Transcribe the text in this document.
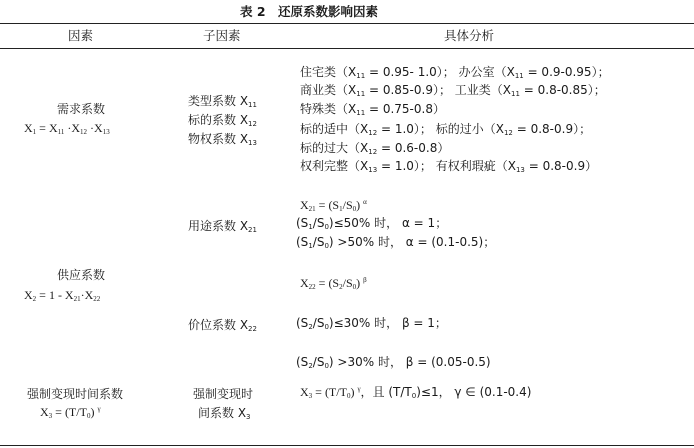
表 2　还原系数影响因素
因素	子因素	具体分析
需求系数
$X_1 = X_{11} \cdot X_{12} \cdot X_{13}$
类型系数 $X_{11}$
标的系数 $X_{12}$
物权系数 $X_{13}$
住宅类（$X_{11} = 0.95-$ 1.0）； 办公室$(X_{11} = 0.9-0.95)$；
商业类$(X_{11} = 0.85-0.9)$； 工业类$(X_{11} = 0.8-0.85)$；
特殊类$(X_{11} = 0.75-0.8)$
标的适中$(X_{12} = 1.0)$； 标的过小$(X_{12} = 0.8-0.9)$；
标的过大$(X_{12} = 0.6-0.8)$
权利完整$(X_{13} = 1.0)$； 有权利瑕疵$(X_{13} = 0.8-0.9)$
供应系数
$X_2 = 1 - X_{21}\cdot X_{22}$
用途系数 $X_{21}$
价位系数 $X_{22}$
$X_{21} = (S_1/S_0)$ $^\alpha$
$(S_1/S_0)\le 50\%$ 时， α = 1；
$(S_1/S_0) >50\%$ 时， α = (0.1-0.5)；
$X_{22} = (S_2/S_0)$ $^\beta$
$(S_2/S_0)\le 30\%$ 时， β = 1；
$(S_2/S_0) >30\%$ 时， β = (0.05-0.5)
强制变现时间系数
$X_3 = (T/T_0)$ $^\gamma$
强制变现时
间系数 $X_3$
$X_3 = (T/T_0)$ $^\gamma$，且 $(T/T_0)\le 1$， γ ∈ (0.1-0.4)
